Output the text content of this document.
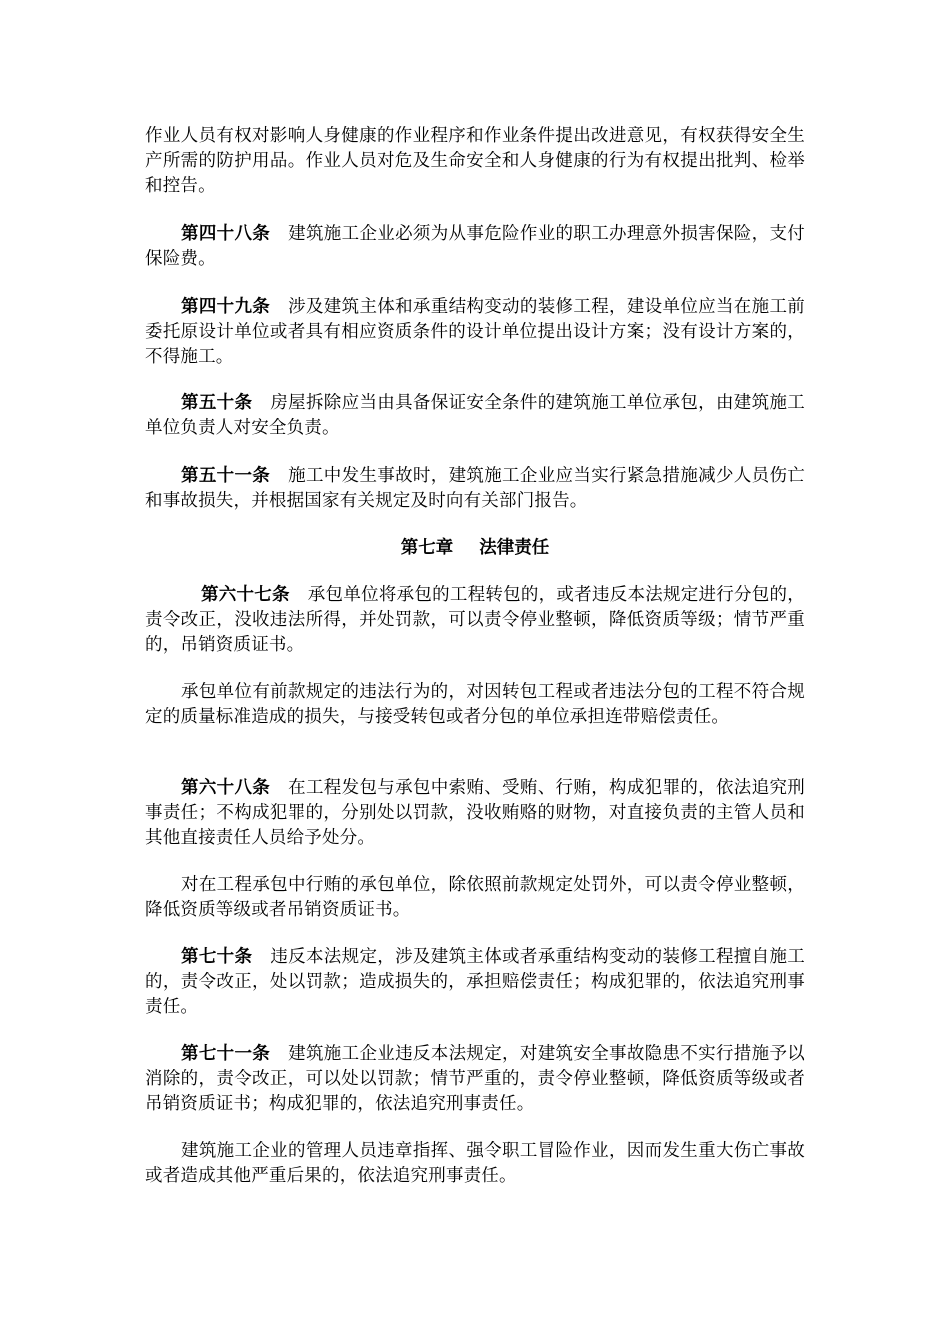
作业人员有权对影响人身健康的作业程序和作业条件提出改进意见，有权获得安全生产所需的防护用品。作业人员对危及生命安全和人身健康的行为有权提出批判、检举和控告。

第四十八条 建筑施工企业必须为从事危险作业的职工办理意外损害保险，支付保险费。

第四十九条 涉及建筑主体和承重结构变动的装修工程，建设单位应当在施工前委托原设计单位或者具有相应资质条件的设计单位提出设计方案；没有设计方案的，不得施工。

第五十条 房屋拆除应当由具备保证安全条件的建筑施工单位承包，由建筑施工单位负责人对安全负责。

第五十一条 施工中发生事故时，建筑施工企业应当实行紧急措施减少人员伤亡和事故损失，并根据国家有关规定及时向有关部门报告。

第七章 法律责任

第六十七条 承包单位将承包的工程转包的，或者违反本法规定进行分包的，责令改正，没收违法所得，并处罚款，可以责令停业整顿，降低资质等级；情节严重的，吊销资质证书。

承包单位有前款规定的违法行为的，对因转包工程或者违法分包的工程不符合规定的质量标准造成的损失，与接受转包或者分包的单位承担连带赔偿责任。

第六十八条 在工程发包与承包中索贿、受贿、行贿，构成犯罪的，依法追究刑事责任；不构成犯罪的，分别处以罚款，没收贿赂的财物，对直接负责的主管人员和其他直接责任人员给予处分。

对在工程承包中行贿的承包单位，除依照前款规定处罚外，可以责令停业整顿，降低资质等级或者吊销资质证书。

第七十条 违反本法规定，涉及建筑主体或者承重结构变动的装修工程擅自施工的，责令改正，处以罚款；造成损失的，承担赔偿责任；构成犯罪的，依法追究刑事责任。

第七十一条 建筑施工企业违反本法规定，对建筑安全事故隐患不实行措施予以消除的，责令改正，可以处以罚款；情节严重的，责令停业整顿，降低资质等级或者吊销资质证书；构成犯罪的，依法追究刑事责任。

建筑施工企业的管理人员违章指挥、强令职工冒险作业，因而发生重大伤亡事故或者造成其他严重后果的，依法追究刑事责任。
